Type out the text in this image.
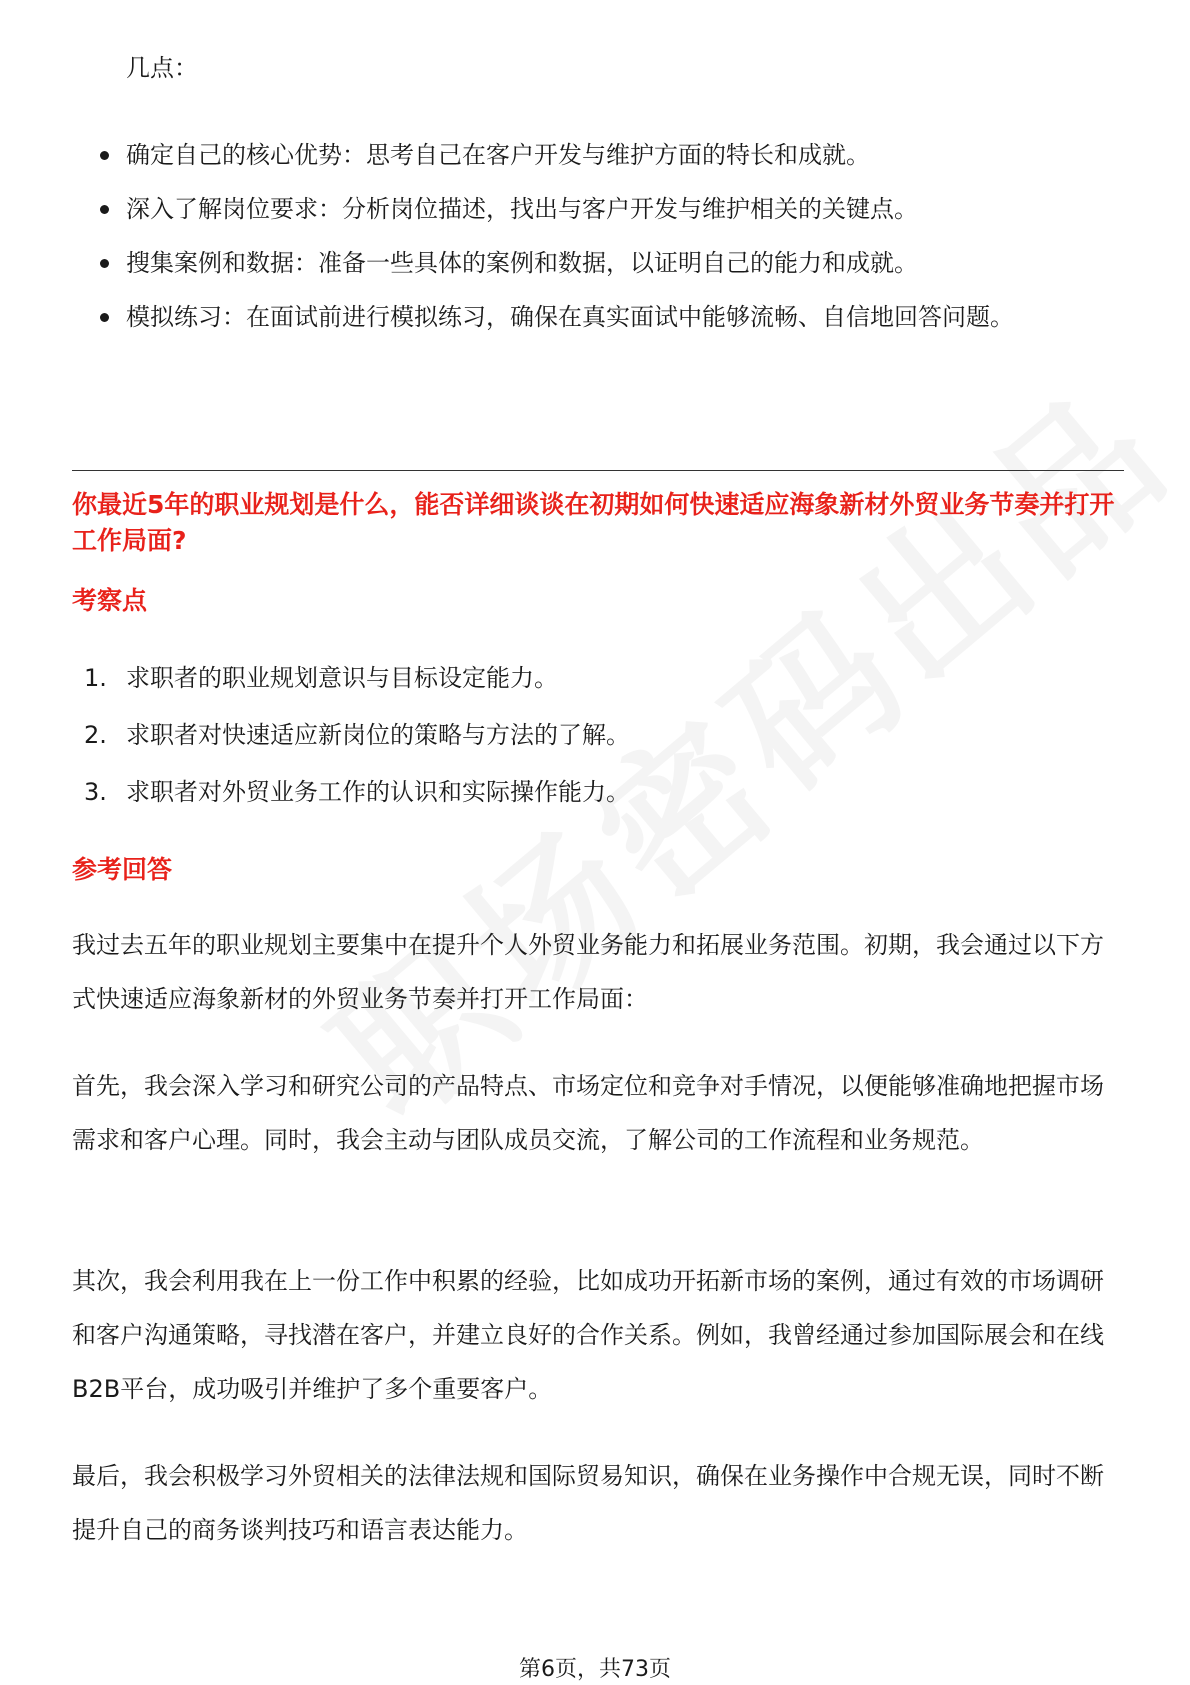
几点：

确定自己的核心优势：思考自己在客户开发与维护方面的特长和成就。
深入了解岗位要求：分析岗位描述，找出与客户开发与维护相关的关键点。
搜集案例和数据：准备一些具体的案例和数据，以证明自己的能力和成就。
模拟练习：在面试前进行模拟练习，确保在真实面试中能够流畅、自信地回答问题。
你最近5年的职业规划是什么，能否详细谈谈在初期如何快速适应海象新材外贸业务节奏并打开工作局面?
考察点
1. 求职者的职业规划意识与目标设定能力。
2. 求职者对快速适应新岗位的策略与方法的了解。
3. 求职者对外贸业务工作的认识和实际操作能力。
参考回答

我过去五年的职业规划主要集中在提升个人外贸业务能力和拓展业务范围。初期，我会通过以下方式快速适应海象新材的外贸业务节奏并打开工作局面：

首先，我会深入学习和研究公司的产品特点、市场定位和竞争对手情况，以便能够准确地把握市场需求和客户心理。同时，我会主动与团队成员交流，了解公司的工作流程和业务规范。

其次，我会利用我在上一份工作中积累的经验，比如成功开拓新市场的案例，通过有效的市场调研和客户沟通策略，寻找潜在客户，并建立良好的合作关系。例如，我曾经通过参加国际展会和在线B2B平台，成功吸引并维护了多个重要客户。

最后，我会积极学习外贸相关的法律法规和国际贸易知识，确保在业务操作中合规无误，同时不断提升自己的商务谈判技巧和语言表达能力。

第6页，共73页
